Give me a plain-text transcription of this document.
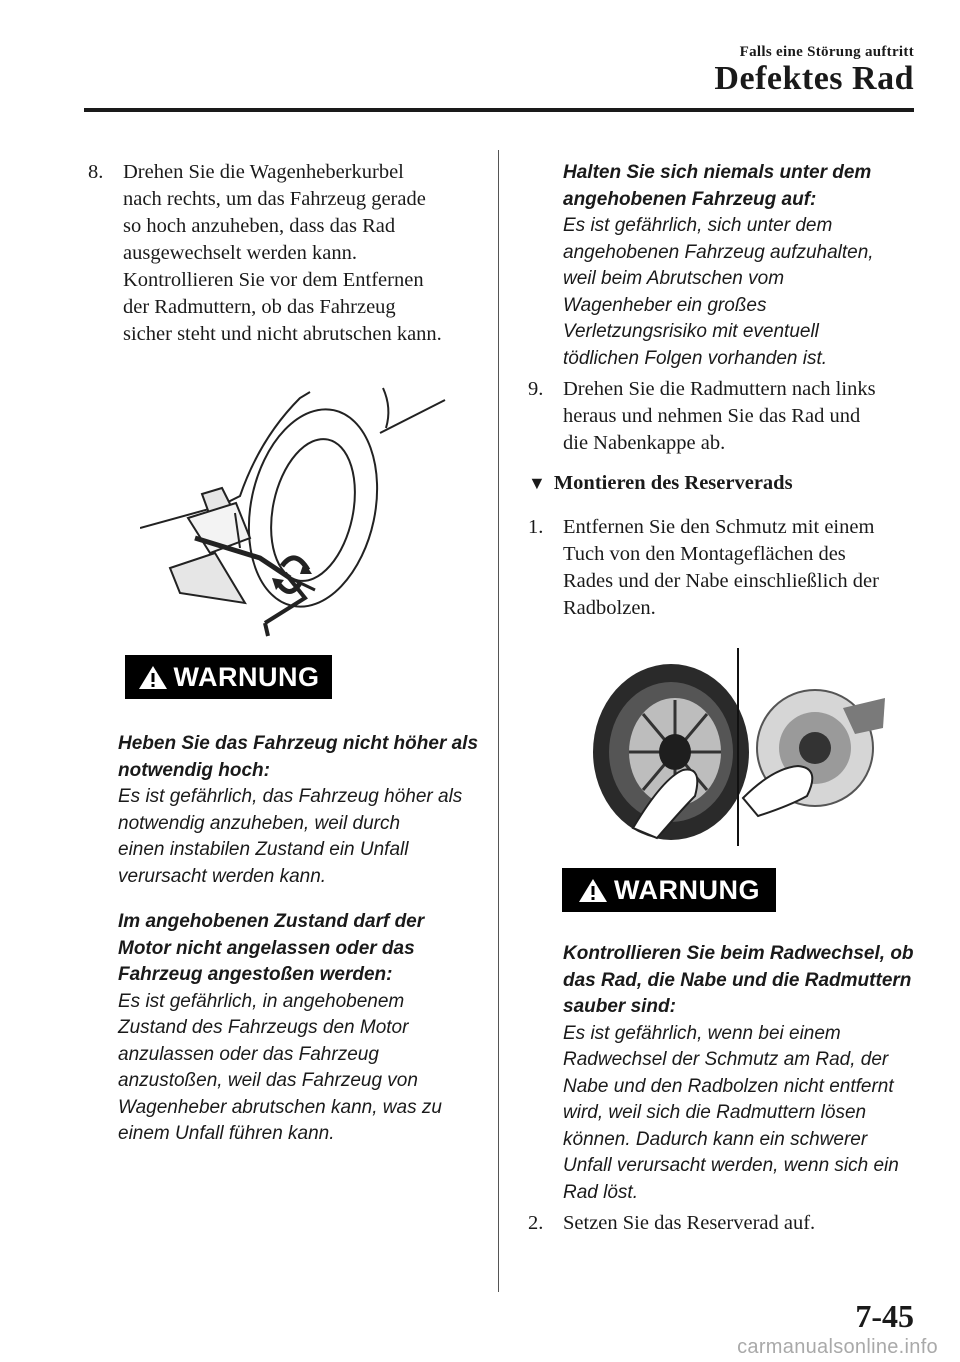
Falls eine Störung auftritt
Defektes Rad
8. Drehen Sie die Wagenheberkurbel

nach rechts, um das Fahrzeug gerade

so hoch anzuheben, dass das Rad

ausgewechselt werden kann.

Kontrollieren Sie vor dem Entfernen

der Radmuttern, ob das Fahrzeug

sicher steht und nicht abrutschen kann.

WARNUNG

Heben Sie das Fahrzeug nicht höher als

notwendig hoch:

Es ist gefährlich, das Fahrzeug höher als

notwendig anzuheben, weil durch

einen instabilen Zustand ein Unfall

verursacht werden kann.

Im angehobenen Zustand darf der

Motor nicht angelassen oder das

Fahrzeug angestoßen werden:

Es ist gefährlich, in angehobenem

Zustand des Fahrzeugs den Motor

anzulassen oder das Fahrzeug

anzustoßen, weil das Fahrzeug von

Wagenheber abrutschen kann, was zu

einem Unfall führen kann.

Halten Sie sich niemals unter dem

angehobenen Fahrzeug auf:

Es ist gefährlich, sich unter dem

angehobenen Fahrzeug aufzuhalten,

weil beim Abrutschen vom

Wagenheber ein großes

Verletzungsrisiko mit eventuell

tödlichen Folgen vorhanden ist.

9. Drehen Sie die Radmuttern nach links

heraus und nehmen Sie das Rad und

die Nabenkappe ab.

▼ Montieren des Reserverads
1. Entfernen Sie den Schmutz mit einem

Tuch von den Montageflächen des

Rades und der Nabe einschließlich der

Radbolzen.

WARNUNG

Kontrollieren Sie beim Radwechsel, ob

das Rad, die Nabe und die Radmuttern

sauber sind:

Es ist gefährlich, wenn bei einem

Radwechsel der Schmutz am Rad, der

Nabe und den Radbolzen nicht entfernt

wird, weil sich die Radmuttern lösen

können. Dadurch kann ein schwerer

Unfall verursacht werden, wenn sich ein

Rad löst.

2. Setzen Sie das Reserverad auf.

7-45
carmanualsonline.info
